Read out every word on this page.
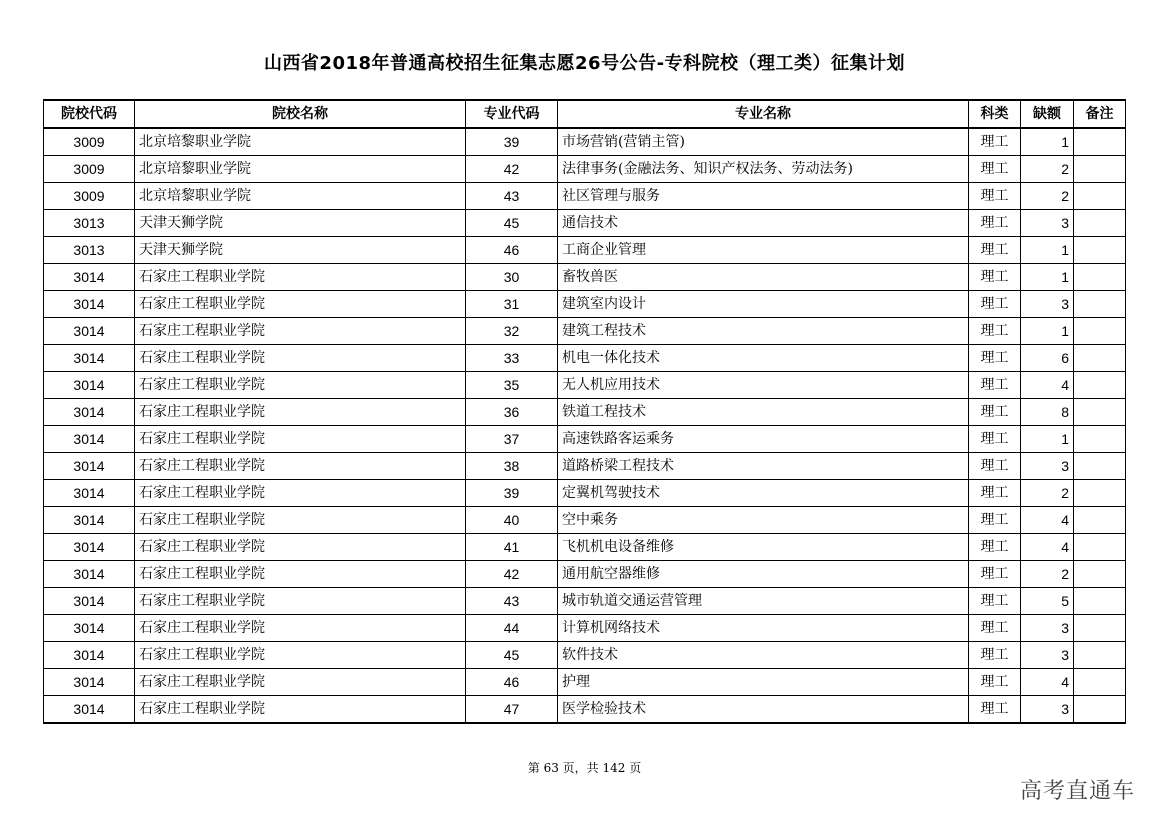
山西省2018年普通高校招生征集志愿26号公告-专科院校（理工类）征集计划
院校代码	院校名称	专业代码	专业名称	科类	缺额	备注
3009	北京培黎职业学院	39	市场营销(营销主管)	理工	1	
3009	北京培黎职业学院	42	法律事务(金融法务、知识产权法务、劳动法务)	理工	2	
3009	北京培黎职业学院	43	社区管理与服务	理工	2	
3013	天津天狮学院	45	通信技术	理工	3	
3013	天津天狮学院	46	工商企业管理	理工	1	
3014	石家庄工程职业学院	30	畜牧兽医	理工	1	
3014	石家庄工程职业学院	31	建筑室内设计	理工	3	
3014	石家庄工程职业学院	32	建筑工程技术	理工	1	
3014	石家庄工程职业学院	33	机电一体化技术	理工	6	
3014	石家庄工程职业学院	35	无人机应用技术	理工	4	
3014	石家庄工程职业学院	36	铁道工程技术	理工	8	
3014	石家庄工程职业学院	37	高速铁路客运乘务	理工	1	
3014	石家庄工程职业学院	38	道路桥梁工程技术	理工	3	
3014	石家庄工程职业学院	39	定翼机驾驶技术	理工	2	
3014	石家庄工程职业学院	40	空中乘务	理工	4	
3014	石家庄工程职业学院	41	飞机机电设备维修	理工	4	
3014	石家庄工程职业学院	42	通用航空器维修	理工	2	
3014	石家庄工程职业学院	43	城市轨道交通运营管理	理工	5	
3014	石家庄工程职业学院	44	计算机网络技术	理工	3	
3014	石家庄工程职业学院	45	软件技术	理工	3	
3014	石家庄工程职业学院	46	护理	理工	4	
3014	石家庄工程职业学院	47	医学检验技术	理工	3	
第 63 页，共 142 页
高考直通车
